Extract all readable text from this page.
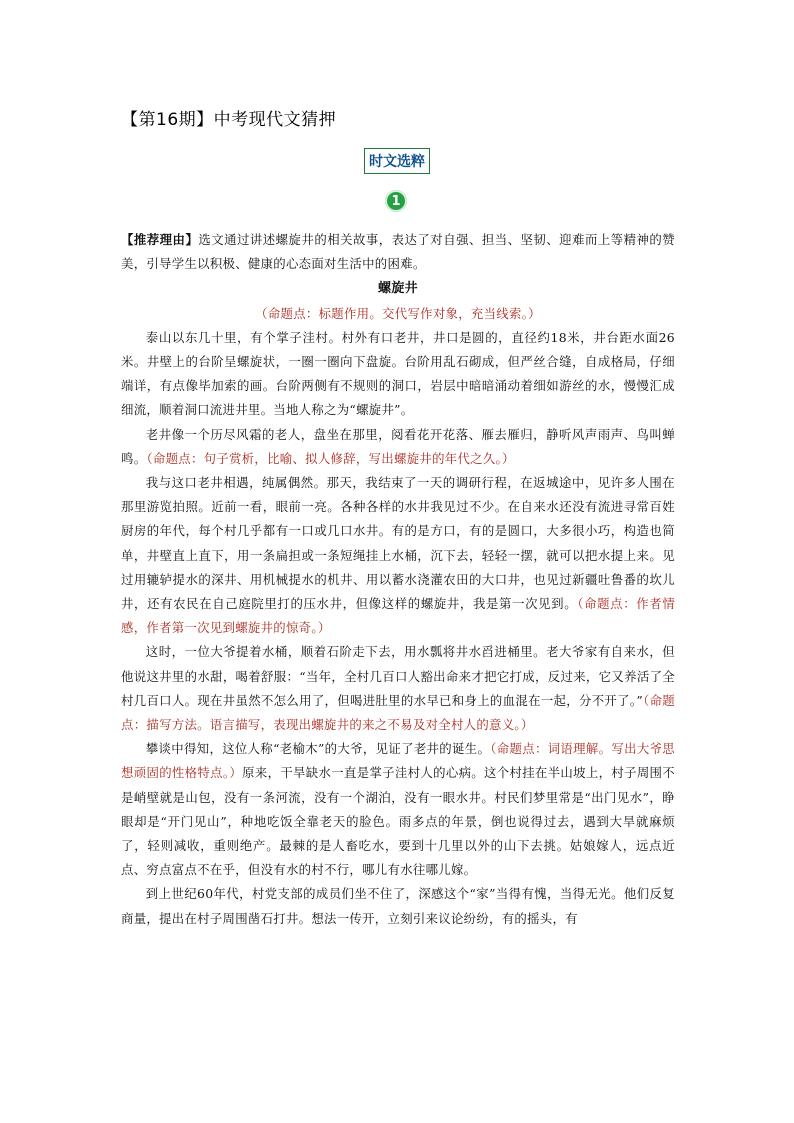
【第16期】中考现代文猜押
时文选粹
1

【推荐理由】选文通过讲述螺旋井的相关故事，表达了对自强、担当、坚韧、迎难而上等精神的赞美，引导学生以积极、健康的心态面对生活中的困难。

螺旋井

（命题点：标题作用。交代写作对象，充当线索。）

泰山以东几十里，有个掌子洼村。村外有口老井，井口是圆的，直径约18米，井台距水面26米。井壁上的台阶呈螺旋状，一圈一圈向下盘旋。台阶用乱石砌成，但严丝合缝，自成格局，仔细端详，有点像毕加索的画。台阶两侧有不规则的洞口，岩层中暗暗涌动着细如游丝的水，慢慢汇成细流，顺着洞口流进井里。当地人称之为“螺旋井”。

老井像一个历尽风霜的老人，盘坐在那里，阅看花开花落、雁去雁归，静听风声雨声、鸟叫蝉鸣。（命题点：句子赏析，比喻、拟人修辞，写出螺旋井的年代之久。）

我与这口老井相遇，纯属偶然。那天，我结束了一天的调研行程，在返城途中，见许多人围在那里游览拍照。近前一看，眼前一亮。各种各样的水井我见过不少。在自来水还没有流进寻常百姓厨房的年代，每个村几乎都有一口或几口水井。有的是方口，有的是圆口，大多很小巧，构造也简单，井壁直上直下，用一条扁担或一条短绳挂上水桶，沉下去，轻轻一摆，就可以把水提上来。见过用辘轳提水的深井、用机械提水的机井、用以蓄水浇灌农田的大口井，也见过新疆吐鲁番的坎儿井，还有农民在自己庭院里打的压水井，但像这样的螺旋井，我是第一次见到。（命题点：作者情感，作者第一次见到螺旋井的惊奇。）

这时，一位大爷提着水桶，顺着石阶走下去，用水瓢将井水舀进桶里。老大爷家有自来水，但他说这井里的水甜，喝着舒服：“当年，全村几百口人豁出命来才把它打成，反过来，它又养活了全村几百口人。现在井虽然不怎么用了，但喝进肚里的水早已和身上的血混在一起，分不开了。”（命题点：描写方法。语言描写，表现出螺旋井的来之不易及对全村人的意义。）

攀谈中得知，这位人称“老榆木”的大爷，见证了老井的诞生。（命题点：词语理解。写出大爷思想顽固的性格特点。）原来，干旱缺水一直是掌子洼村人的心病。这个村挂在半山坡上，村子周围不是峭壁就是山包，没有一条河流，没有一个湖泊，没有一眼水井。村民们梦里常是“出门见水”，睁眼却是“开门见山”，种地吃饭全靠老天的脸色。雨多点的年景，倒也说得过去，遇到大旱就麻烦了，轻则减收，重则绝产。最棘的是人畜吃水，要到十几里以外的山下去挑。姑娘嫁人，远点近点、穷点富点不在乎，但没有水的村不行，哪儿有水往哪儿嫁。

到上世纪60年代，村党支部的成员们坐不住了，深感这个“家”当得有愧，当得无光。他们反复商量，提出在村子周围凿石打井。想法一传开，立刻引来议论纷纷，有的摇头，有
